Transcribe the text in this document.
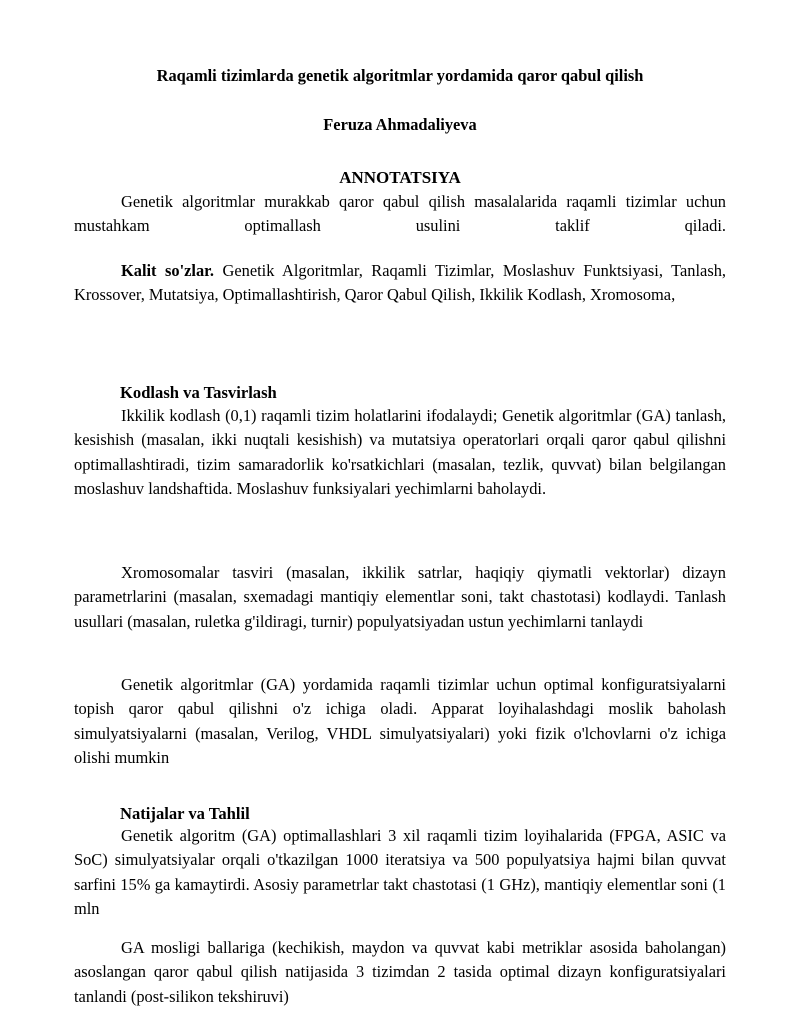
Raqamli tizimlarda genetik algoritmlar yordamida qaror qabul qilish

Feruza Ahmadaliyeva

ANNOTATSIYA

Genetik algoritmlar murakkab qaror qabul qilish masalalarida raqamli tizimlar uchun mustahkam optimallash usulini taklif qiladi.

Kalit so'zlar. Genetik Algoritmlar, Raqamli Tizimlar, Moslashuv Funktsiyasi, Tanlash, Krossover, Mutatsiya, Optimallashtirish, Qaror Qabul Qilish, Ikkilik Kodlash, Xromosoma,

Kodlash va Tasvirlash

Ikkilik kodlash (0,1) raqamli tizim holatlarini ifodalaydi; Genetik algoritmlar (GA) tanlash, kesishish (masalan, ikki nuqtali kesishish) va mutatsiya operatorlari orqali qaror qabul qilishni optimallashtiradi, tizim samaradorlik ko'rsatkichlari (masalan, tezlik, quvvat) bilan belgilangan moslashuv landshaftida. Moslashuv funksiyalari yechimlarni baholaydi.

Xromosomalar tasviri (masalan, ikkilik satrlar, haqiqiy qiymatli vektorlar) dizayn parametrlarini (masalan, sxemadagi mantiqiy elementlar soni, takt chastotasi) kodlaydi. Tanlash usullari (masalan, ruletka g'ildiragi, turnir) populyatsiyadan ustun yechimlarni tanlaydi

Genetik algoritmlar (GA) yordamida raqamli tizimlar uchun optimal konfiguratsiyalarni topish qaror qabul qilishni o'z ichiga oladi. Apparat loyihalashdagi moslik baholash simulyatsiyalarni (masalan, Verilog, VHDL simulyatsiyalari) yoki fizik o'lchovlarni o'z ichiga olishi mumkin

Natijalar va Tahlil

Genetik algoritm (GA) optimallashlari 3 xil raqamli tizim loyihalarida (FPGA, ASIC va SoC) simulyatsiyalar orqali o'tkazilgan 1000 iteratsiya va 500 populyatsiya hajmi bilan quvvat sarfini 15% ga kamaytirdi. Asosiy parametrlar takt chastotasi (1 GHz), mantiqiy elementlar soni (1 mln

GA mosligi ballariga (kechikish, maydon va quvvat kabi metriklar asosida baholangan) asoslangan qaror qabul qilish natijasida 3 tizimdan 2 tasida optimal dizayn konfiguratsiyalari tanlandi (post-silikon tekshiruvi)
